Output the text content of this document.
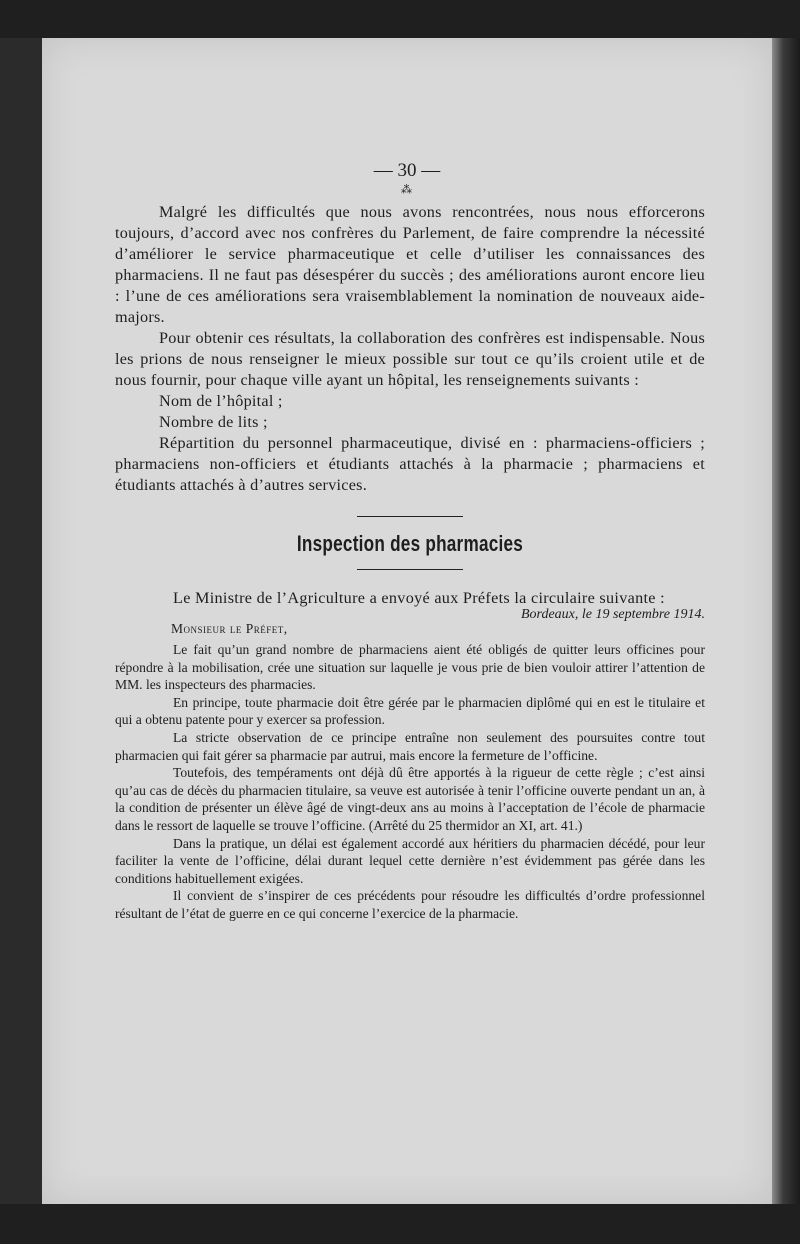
— 30 —
⁂

Malgré les difficultés que nous avons rencontrées, nous nous efforcerons toujours, d’accord avec nos confrères du Parlement, de faire comprendre la nécessité d’améliorer le service pharmaceutique et celle d’utiliser les connaissances des pharmaciens. Il ne faut pas désespérer du succès ; des améliorations auront encore lieu : l’une de ces améliorations sera vraisemblablement la nomination de nouveaux aide-majors.

Pour obtenir ces résultats, la collaboration des confrères est indispensable. Nous les prions de nous renseigner le mieux possible sur tout ce qu’ils croient utile et de nous fournir, pour chaque ville ayant un hôpital, les renseignements suivants :

Nom de l’hôpital ;

Nombre de lits ;

Répartition du personnel pharmaceutique, divisé en : pharmaciens-officiers ; pharmaciens non-officiers et étudiants attachés à la pharmacie ; pharmaciens et étudiants attachés à d’autres services.

Inspection des pharmacies

Le Ministre de l’Agriculture a envoyé aux Préfets la circulaire suivante :

Bordeaux, le 19 septembre 1914.
Monsieur le Préfet,

Le fait qu’un grand nombre de pharmaciens aient été obligés de quitter leurs officines pour répondre à la mobilisation, crée une situation sur laquelle je vous prie de bien vouloir attirer l’attention de MM. les inspecteurs des pharmacies.

En principe, toute pharmacie doit être gérée par le pharmacien diplômé qui en est le titulaire et qui a obtenu patente pour y exercer sa profession.

La stricte observation de ce principe entraîne non seulement des poursuites contre tout pharmacien qui fait gérer sa pharmacie par autrui, mais encore la fermeture de l’officine.

Toutefois, des tempéraments ont déjà dû être apportés à la rigueur de cette règle ; c’est ainsi qu’au cas de décès du pharmacien titulaire, sa veuve est autorisée à tenir l’officine ouverte pendant un an, à la condition de présenter un élève âgé de vingt-deux ans au moins à l’acceptation de l’école de pharmacie dans le ressort de laquelle se trouve l’officine. (Arrêté du 25 thermidor an XI, art. 41.)

Dans la pratique, un délai est également accordé aux héritiers du pharmacien décédé, pour leur faciliter la vente de l’officine, délai durant lequel cette dernière n’est évidemment pas gérée dans les conditions habituellement exigées.

Il convient de s’inspirer de ces précédents pour résoudre les difficultés d’ordre professionnel résultant de l’état de guerre en ce qui concerne l’exercice de la pharmacie.
